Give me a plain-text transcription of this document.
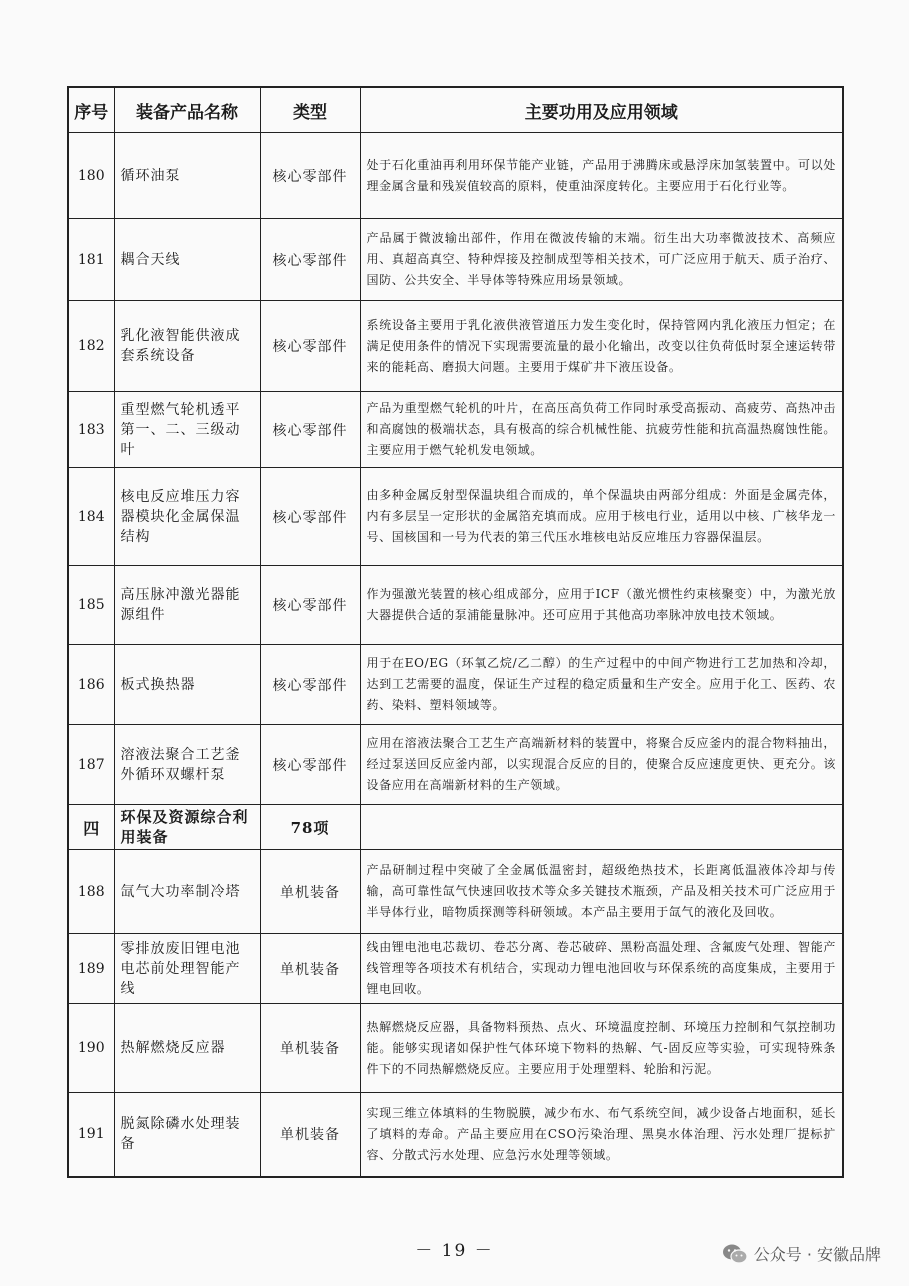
序号	装备产品名称	类型	主要功用及应用领域
180	循环油泵	核心零部件	处于石化重油再利用环保节能产业链，产品用于沸腾床或悬浮床加氢装置中。可以处理金属含量和残炭值较高的原料，使重油深度转化。主要应用于石化行业等。
181	耦合天线	核心零部件	产品属于微波输出部件，作用在微波传输的末端。衍生出大功率微波技术、高频应用、真超高真空、特种焊接及控制成型等相关技术，可广泛应用于航天、质子治疗、国防、公共安全、半导体等特殊应用场景领域。
182	乳化液智能供液成套系统设备	核心零部件	系统设备主要用于乳化液供液管道压力发生变化时，保持管网内乳化液压力恒定；在满足使用条件的情况下实现需要流量的最小化输出，改变以往负荷低时泵全速运转带来的能耗高、磨损大问题。主要用于煤矿井下液压设备。
183	重型燃气轮机透平第一、二、三级动叶	核心零部件	产品为重型燃气轮机的叶片，在高压高负荷工作同时承受高振动、高疲劳、高热冲击和高腐蚀的极端状态，具有极高的综合机械性能、抗疲劳性能和抗高温热腐蚀性能。主要应用于燃气轮机发电领域。
184	核电反应堆压力容器模块化金属保温结构	核心零部件	由多种金属反射型保温块组合而成的，单个保温块由两部分组成：外面是金属壳体，内有多层呈一定形状的金属箔充填而成。应用于核电行业，适用以中核、广核华龙一号、国核国和一号为代表的第三代压水堆核电站反应堆压力容器保温层。
185	高压脉冲激光器能源组件	核心零部件	作为强激光装置的核心组成部分，应用于ICF（激光惯性约束核聚变）中，为激光放大器提供合适的泵浦能量脉冲。还可应用于其他高功率脉冲放电技术领域。
186	板式换热器	核心零部件	用于在EO/EG（环氧乙烷/乙二醇）的生产过程中的中间产物进行工艺加热和冷却，达到工艺需要的温度，保证生产过程的稳定质量和生产安全。应用于化工、医药、农药、染料、塑料领域等。
187	溶液法聚合工艺釜外循环双螺杆泵	核心零部件	应用在溶液法聚合工艺生产高端新材料的装置中，将聚合反应釜内的混合物料抽出，经过泵送回反应釜内部，以实现混合反应的目的，使聚合反应速度更快、更充分。该设备应用在高端新材料的生产领域。
四	环保及资源综合利用装备	78项	
188	氙气大功率制冷塔	单机装备	产品研制过程中突破了全金属低温密封，超级绝热技术，长距离低温液体冷却与传输，高可靠性氙气快速回收技术等众多关键技术瓶颈，产品及相关技术可广泛应用于半导体行业，暗物质探测等科研领域。本产品主要用于氙气的液化及回收。
189	零排放废旧锂电池电芯前处理智能产线	单机装备	线由锂电池电芯裁切、卷芯分离、卷芯破碎、黑粉高温处理、含氟废气处理、智能产线管理等各项技术有机结合，实现动力锂电池回收与环保系统的高度集成，主要用于锂电回收。
190	热解燃烧反应器	单机装备	热解燃烧反应器，具备物料预热、点火、环境温度控制、环境压力控制和气氛控制功能。能够实现诸如保护性气体环境下物料的热解、气-固反应等实验，可实现特殊条件下的不同热解燃烧反应。主要应用于处理塑料、轮胎和污泥。
191	脱氮除磷水处理装备	单机装备	实现三维立体填料的生物脱膜，减少布水、布气系统空间，减少设备占地面积，延长了填料的寿命。产品主要应用在CSO污染治理、黑臭水体治理、污水处理厂提标扩容、分散式污水处理、应急污水处理等领域。
－ 19 －	公众号 · 安徽品牌
